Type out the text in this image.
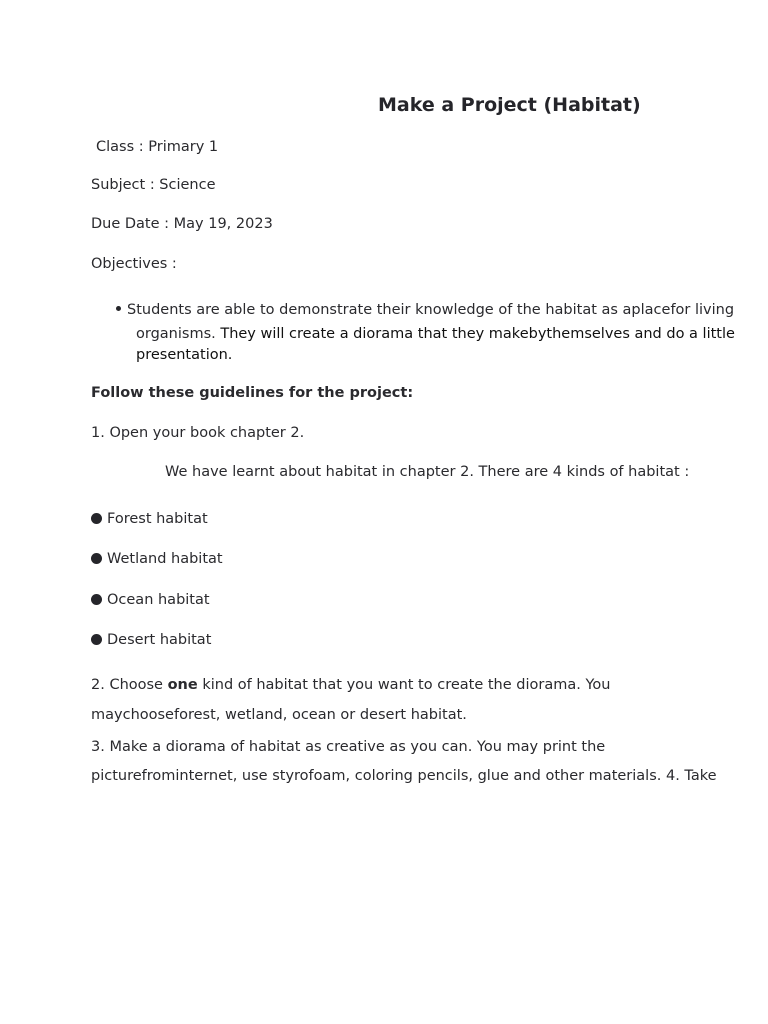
Make a Project (Habitat)
Class : Primary 1
Subject : Science
Due Date : May 19, 2023
Objectives :
Students are able to demonstrate their knowledge of the habitat as aplacefor living
organisms. They will create a diorama that they makebythemselves and do a little
presentation.
Follow these guidelines for the project:
1. Open your book chapter 2.
We have learnt about habitat in chapter 2. There are 4 kinds of habitat :
Forest habitat
Wetland habitat
Ocean habitat
Desert habitat
2. Choose one kind of habitat that you want to create the diorama. You
maychooseforest, wetland, ocean or desert habitat.
3. Make a diorama of habitat as creative as you can. You may print the
picturefrominternet, use styrofoam, coloring pencils, glue and other materials. 4. Take
